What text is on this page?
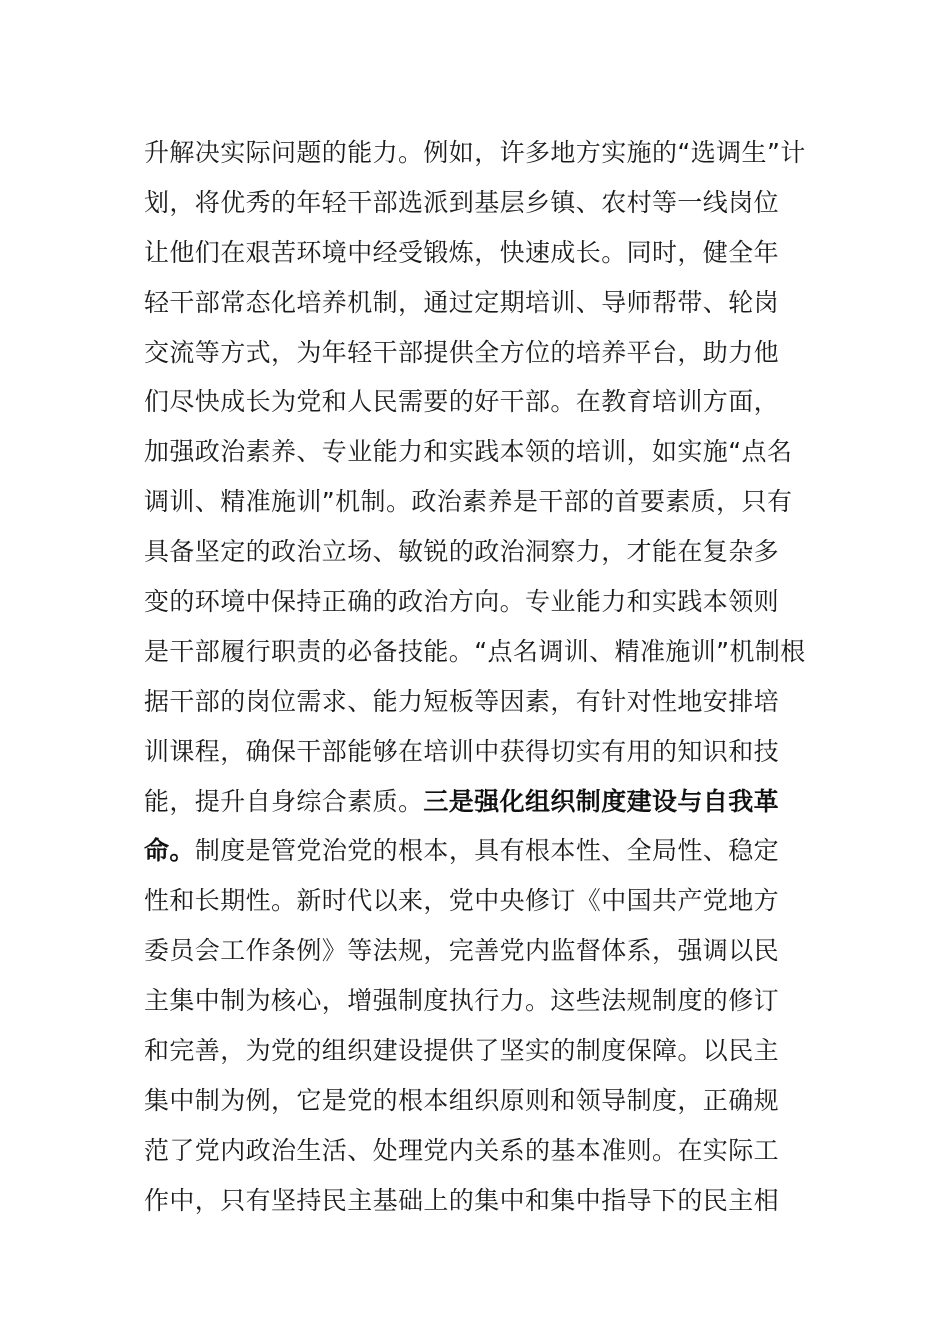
升解决实际问题的能力。例如，许多地方实施的“选调生”计
划，将优秀的年轻干部选派到基层乡镇、农村等一线岗位
让他们在艰苦环境中经受锻炼，快速成长。同时，健全年
轻干部常态化培养机制，通过定期培训、导师帮带、轮岗
交流等方式，为年轻干部提供全方位的培养平台，助力他
们尽快成长为党和人民需要的好干部。在教育培训方面，
加强政治素养、专业能力和实践本领的培训，如实施“点名
调训、精准施训”机制。政治素养是干部的首要素质，只有
具备坚定的政治立场、敏锐的政治洞察力，才能在复杂多
变的环境中保持正确的政治方向。专业能力和实践本领则
是干部履行职责的必备技能。“点名调训、精准施训”机制根
据干部的岗位需求、能力短板等因素，有针对性地安排培
训课程，确保干部能够在培训中获得切实有用的知识和技
能，提升自身综合素质。三是强化组织制度建设与自我革
命。制度是管党治党的根本，具有根本性、全局性、稳定
性和长期性。新时代以来，党中央修订《中国共产党地方
委员会工作条例》等法规，完善党内监督体系，强调以民
主集中制为核心，增强制度执行力。这些法规制度的修订
和完善，为党的组织建设提供了坚实的制度保障。以民主
集中制为例，它是党的根本组织原则和领导制度，正确规
范了党内政治生活、处理党内关系的基本准则。在实际工
作中，只有坚持民主基础上的集中和集中指导下的民主相
